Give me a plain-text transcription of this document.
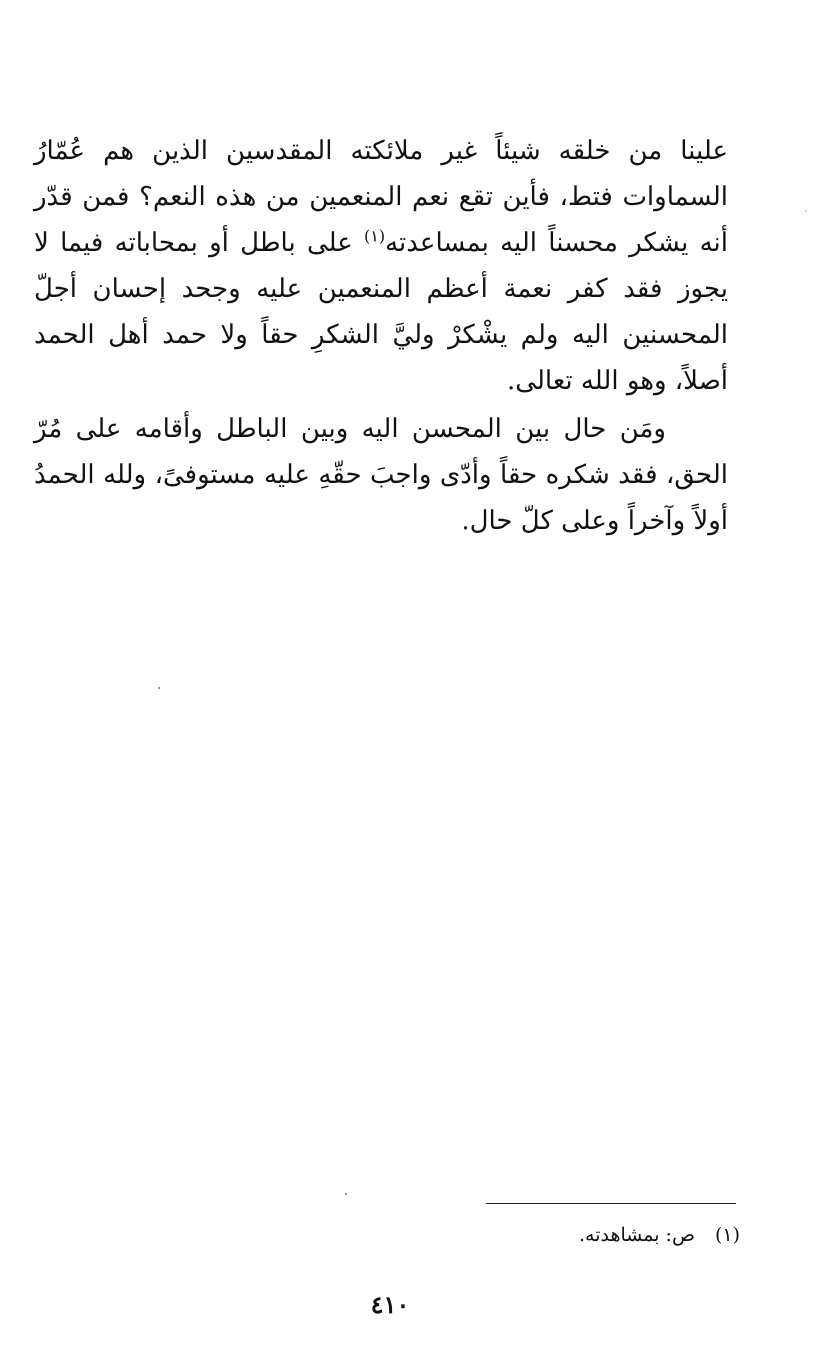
علينا من خلقه شيئاً غير ملائكته المقدسين الذين هم عُمّارُ السماوات فتط، فأين تقع نعم المنعمين من هذه النعم؟ فمن قدّر أنه يشكر محسناً اليه بمساعدته$^{(١)}$ على باطل أو بمحاباته فيما لا يجوز فقد كفر نعمة أعظم المنعمين عليه وجحد إحسان أجلّ المحسنين اليه ولم يشْكرْ وليَّ الشكرِ حقاً ولا حمد أهل الحمد أصلاً، وهو الله تعالى.

ومَن حال بين المحسن اليه وبين الباطل وأقامه على مُرّ الحق، فقد شكره حقاً وأدّى واجبَ حقّهِ عليه مستوفىً، ولله الحمدُ أولاً وآخراً وعلى كلّ حال.

(١)ص: بمشاهدته.
٤١٠
